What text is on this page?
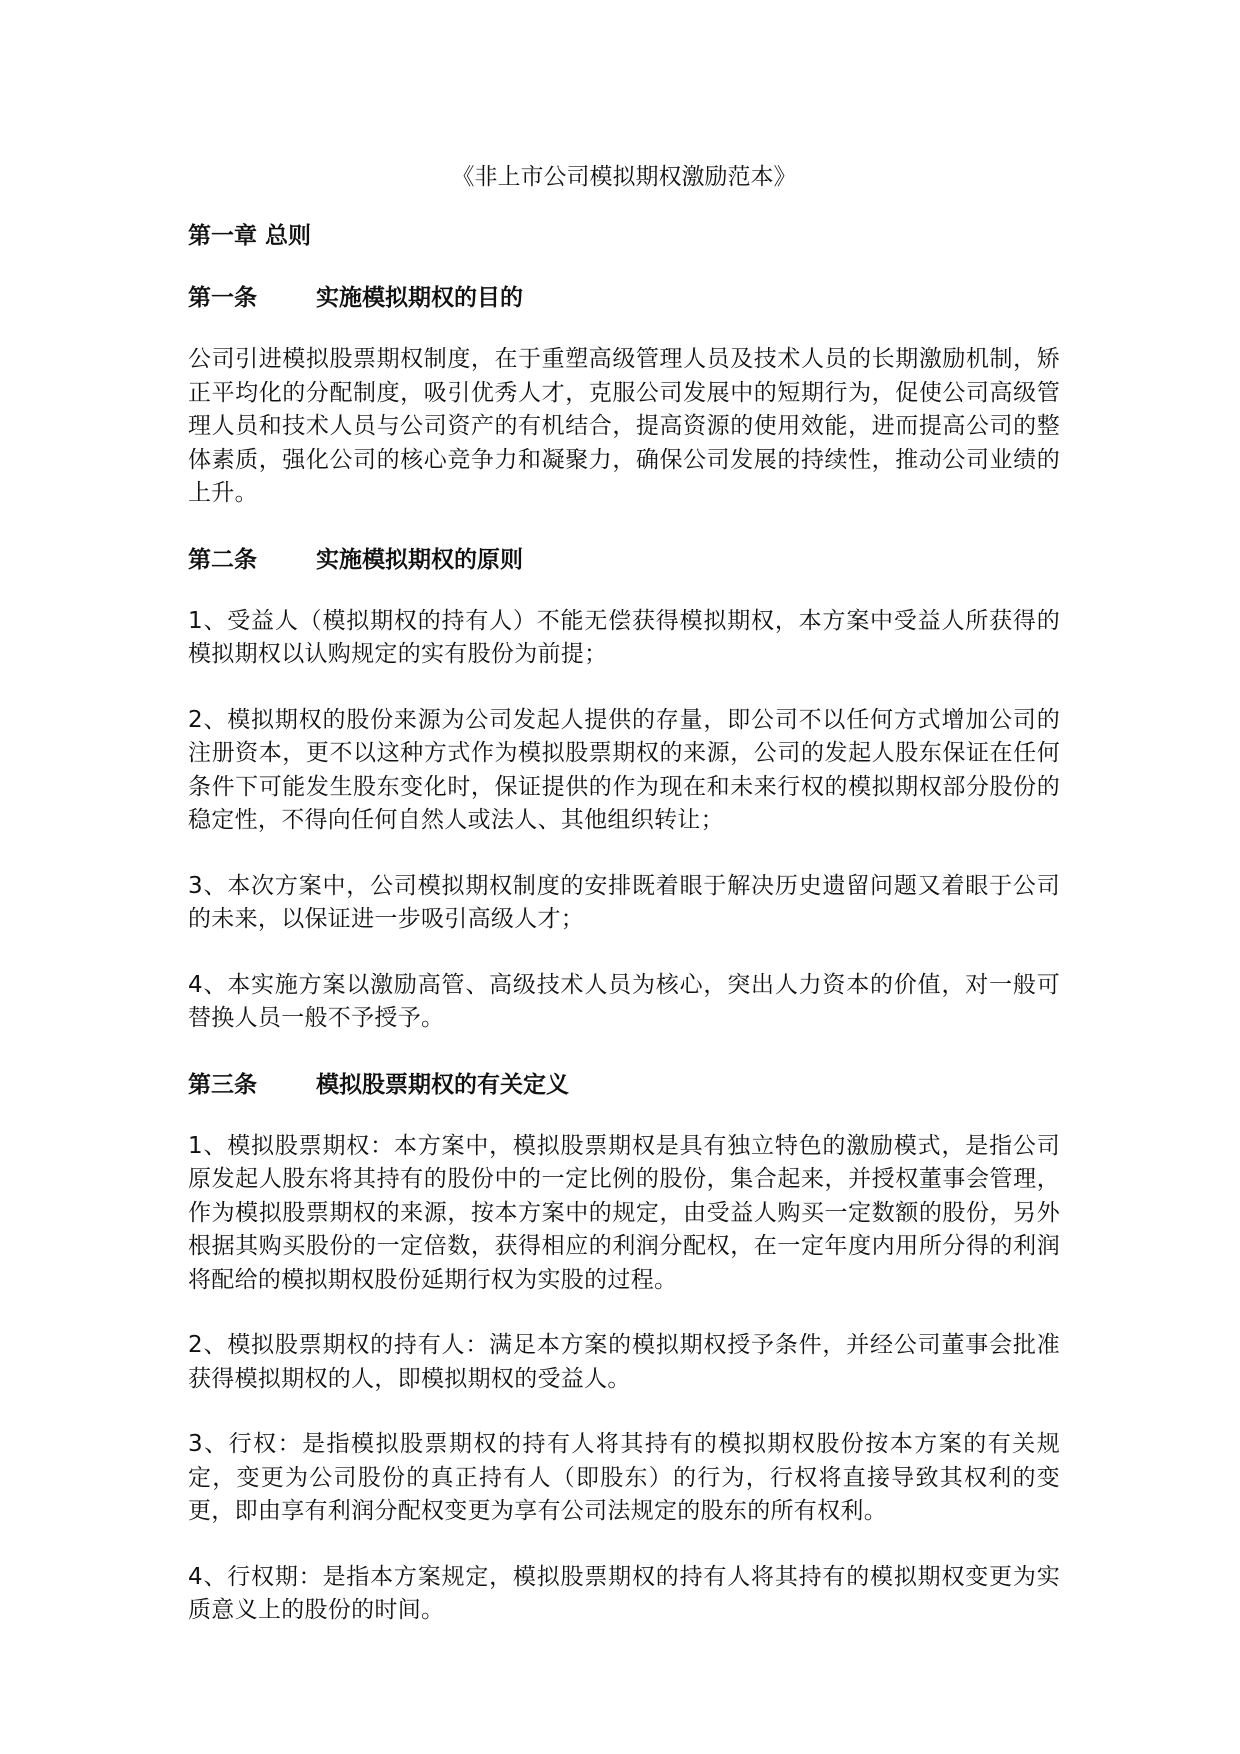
《非上市公司模拟期权激励范本》
第一章 总则
第一条	实施模拟期权的目的

公司引进模拟股票期权制度，在于重塑高级管理人员及技术人员的长期激励机制，矫正平均化的分配制度，吸引优秀人才，克服公司发展中的短期行为，促使公司高级管理人员和技术人员与公司资产的有机结合，提高资源的使用效能，进而提高公司的整体素质，强化公司的核心竞争力和凝聚力，确保公司发展的持续性，推动公司业绩的上升。

第二条	实施模拟期权的原则

1、受益人（模拟期权的持有人）不能无偿获得模拟期权，本方案中受益人所获得的模拟期权以认购规定的实有股份为前提；

2、模拟期权的股份来源为公司发起人提供的存量，即公司不以任何方式增加公司的注册资本，更不以这种方式作为模拟股票期权的来源，公司的发起人股东保证在任何条件下可能发生股东变化时，保证提供的作为现在和未来行权的模拟期权部分股份的稳定性，不得向任何自然人或法人、其他组织转让；

3、本次方案中，公司模拟期权制度的安排既着眼于解决历史遗留问题又着眼于公司的未来，以保证进一步吸引高级人才；

4、本实施方案以激励高管、高级技术人员为核心，突出人力资本的价值，对一般可替换人员一般不予授予。

第三条	模拟股票期权的有关定义

1、模拟股票期权：本方案中，模拟股票期权是具有独立特色的激励模式，是指公司原发起人股东将其持有的股份中的一定比例的股份，集合起来，并授权董事会管理，作为模拟股票期权的来源，按本方案中的规定，由受益人购买一定数额的股份，另外根据其购买股份的一定倍数，获得相应的利润分配权，在一定年度内用所分得的利润将配给的模拟期权股份延期行权为实股的过程。

2、模拟股票期权的持有人：满足本方案的模拟期权授予条件，并经公司董事会批准获得模拟期权的人，即模拟期权的受益人。

3、行权：是指模拟股票期权的持有人将其持有的模拟期权股份按本方案的有关规定，变更为公司股份的真正持有人（即股东）的行为，行权将直接导致其权利的变更，即由享有利润分配权变更为享有公司法规定的股东的所有权利。

4、行权期：是指本方案规定，模拟股票期权的持有人将其持有的模拟期权变更为实质意义上的股份的时间。
